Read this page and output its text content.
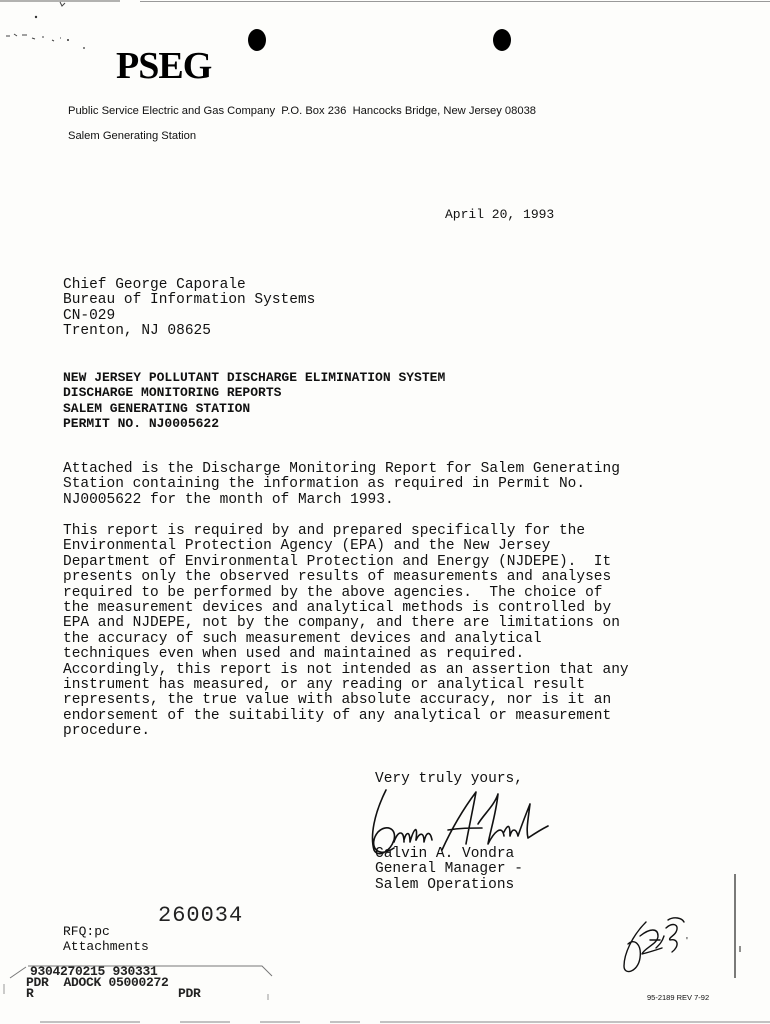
PSEG
Public Service Electric and Gas Company  P.O. Box 236  Hancocks Bridge, New Jersey 08038
Salem Generating Station
April 20, 1993
Chief George Caporale
Bureau of Information Systems
CN-029
Trenton, NJ 08625
NEW JERSEY POLLUTANT DISCHARGE ELIMINATION SYSTEM
DISCHARGE MONITORING REPORTS
SALEM GENERATING STATION
PERMIT NO. NJ0005622
Attached is the Discharge Monitoring Report for Salem Generating
Station containing the information as required in Permit No.
NJ0005622 for the month of March 1993.
This report is required by and prepared specifically for the
Environmental Protection Agency (EPA) and the New Jersey
Department of Environmental Protection and Energy (NJDEPE).  It
presents only the observed results of measurements and analyses
required to be performed by the above agencies.  The choice of
the measurement devices and analytical methods is controlled by
EPA and NJDEPE, not by the company, and there are limitations on
the accuracy of such measurement devices and analytical
techniques even when used and maintained as required.
Accordingly, this report is not intended as an assertion that any
instrument has measured, or any reading or analytical result
represents, the true value with absolute accuracy, nor is it an
endorsement of the suitability of any analytical or measurement
procedure.
Very truly yours,
Calvin A. Vondra
General Manager -
Salem Operations
RFQ:pc
Attachments
260034
9304270215 930331
PDR  ADOCK 05000272
R	PDR
'
95-2189 REV 7-92
